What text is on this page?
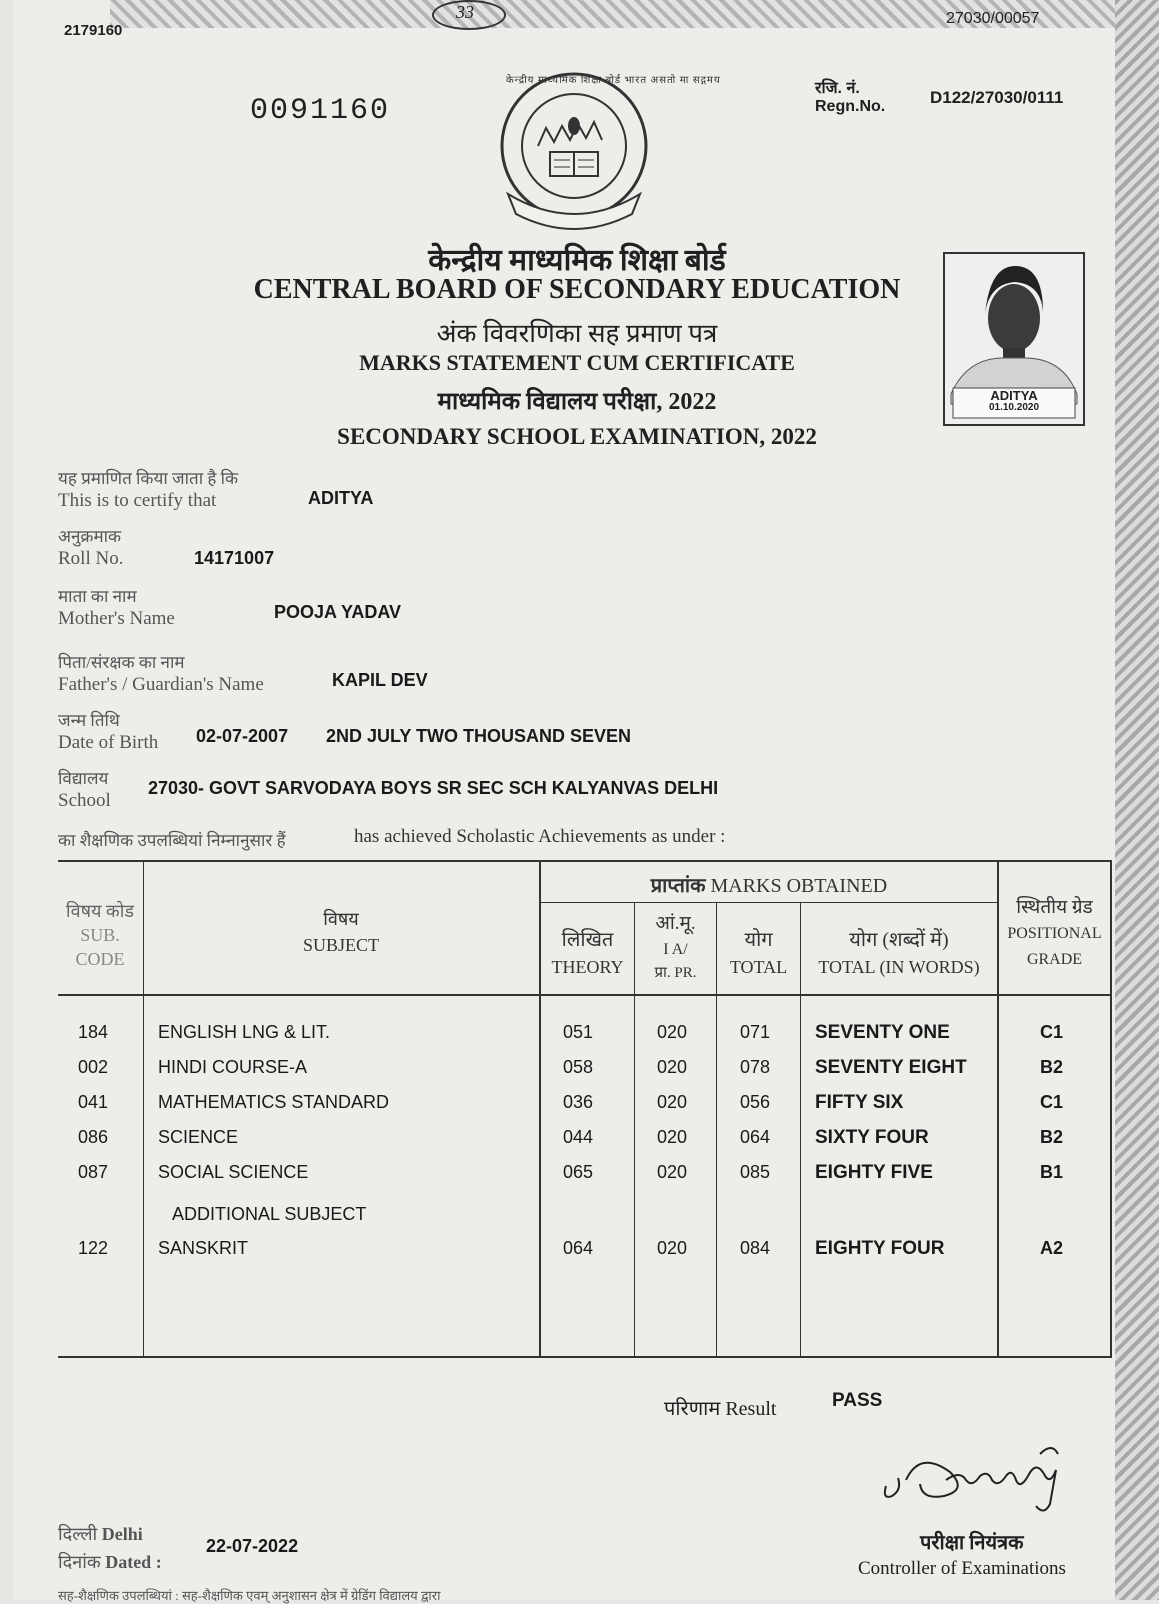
2179160
33	27030/00057
0091160
रजि. नं.
Regn.No.	D122/27030/0111
केन्द्रीय माध्यमिक शिक्षा बोर्ड भारत असतो मा सद्गमय
केन्द्रीय माध्यमिक शिक्षा बोर्ड
CENTRAL BOARD OF SECONDARY EDUCATION
अंक विवरणिका सह प्रमाण पत्र
MARKS STATEMENT CUM CERTIFICATE
माध्यमिक विद्यालय परीक्षा, 2022
SECONDARY SCHOOL EXAMINATION, 2022
ADITYA
01.10.2020
यह प्रमाणित किया जाता है कि
This is to certify that	ADITYA
अनुक्रमाक
Roll No.	14171007
माता का नाम
Mother's Name	POOJA YADAV
पिता/संरक्षक का नाम
Father's / Guardian's Name	KAPIL DEV
जन्म तिथि
Date of Birth 02-07-2007 2ND JULY TWO THOUSAND SEVEN
विद्यालय
School
27030- GOVT SARVODAYA BOYS SR SEC SCH KALYANVAS DELHI
का शैक्षणिक उपलब्धियां निम्नानुसार हैं	has achieved Scholastic Achievements as under :
विषय कोड
SUB.
CODE
विषय
SUBJECT
प्राप्तांक MARKS OBTAINED
लिखित
THEORY
आं.मू.
I A/
प्रा. PR.
योग
TOTAL
योग (शब्दों में)
TOTAL (IN WORDS)
स्थितीय ग्रेड
POSITIONAL
GRADE
184	ENGLISH LNG & LIT.	051	020	071 SEVENTY ONE	C1
002	HINDI COURSE-A	058	020	078 SEVENTY EIGHT	B2
041	MATHEMATICS STANDARD	036	020	056 FIFTY SIX	C1
086	SCIENCE	044	020	064 SIXTY FOUR	B2
087	SOCIAL SCIENCE	065	020	085 EIGHTY FIVE	B1
ADDITIONAL SUBJECT
122	SANSKRIT	064	020	084 EIGHTY FOUR	A2
परिणाम Result	PASS
Bhardwaj
दिल्ली Delhi
दिनांक Dated :
22-07-2022	परीक्षा नियंत्रक
Controller of Examinations
सह-शैक्षणिक उपलब्धियां : सह-शैक्षणिक एवम् अनुशासन क्षेत्र में ग्रेडिंग विद्यालय द्वारा
